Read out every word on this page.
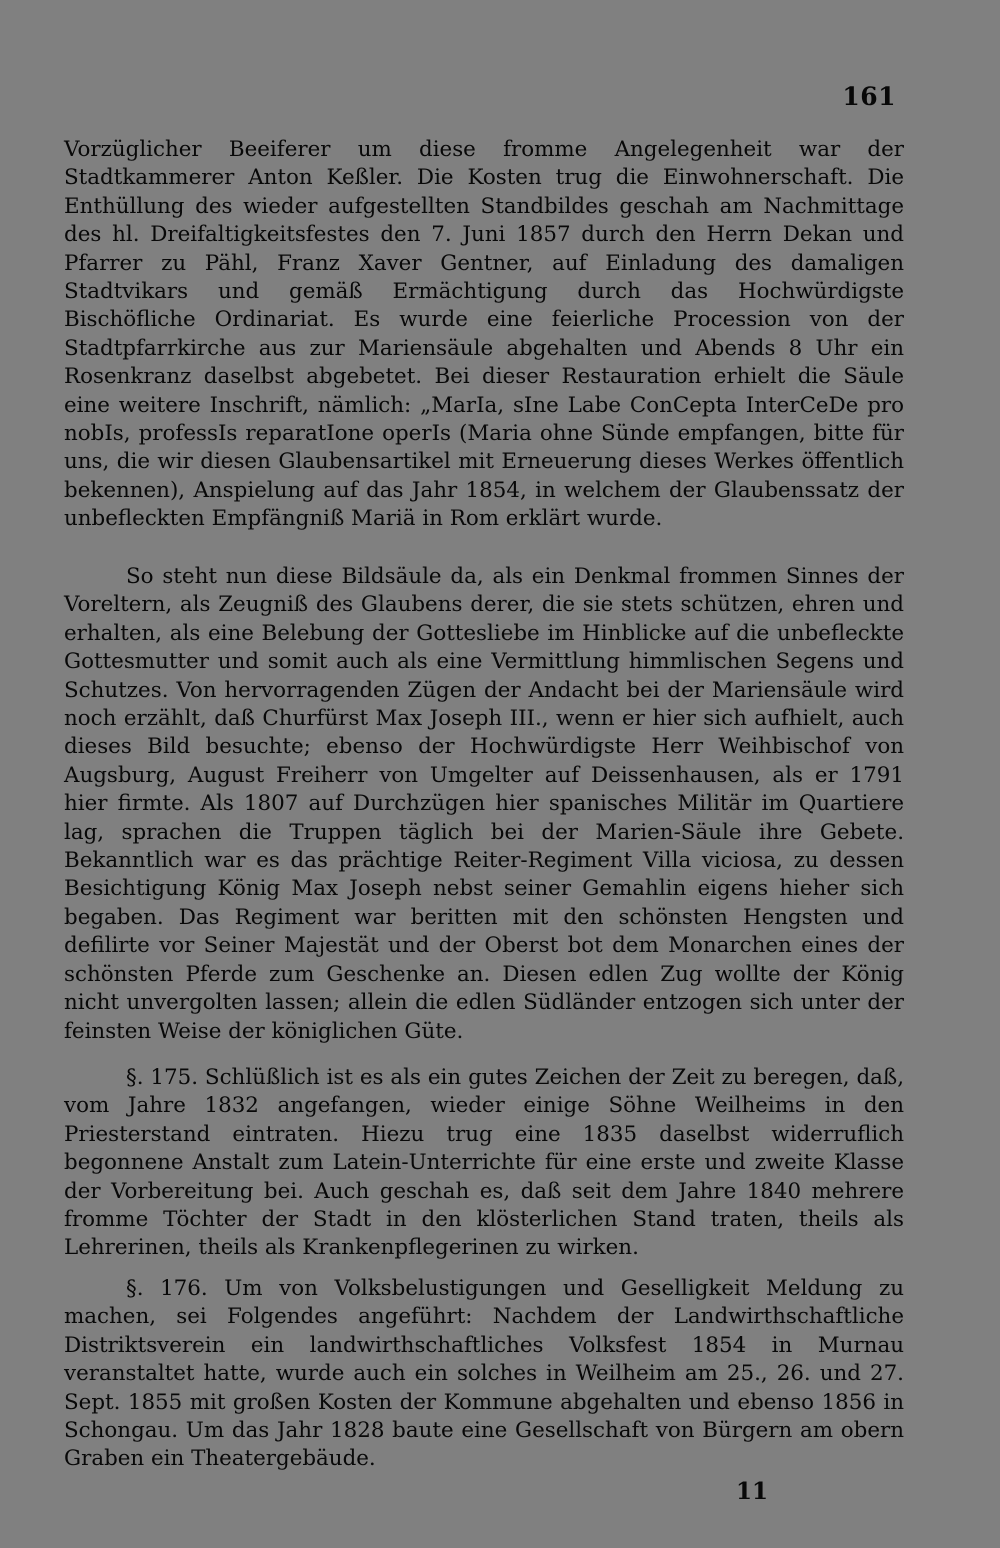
161

Vorzüglicher Beeiferer um diese fromme Angelegenheit war der Stadtkammerer Anton Keßler. Die Kosten trug die Einwohnerschaft. Die Enthüllung des wieder aufgestellten Standbildes geschah am Nachmittage des hl. Dreifaltigkeitsfestes den 7. Juni 1857 durch den Herrn Dekan und Pfarrer zu Pähl, Franz Xaver Gentner, auf Einladung des damaligen Stadtvikars und gemäß Ermächtigung durch das Hochwürdigste Bischöfliche Ordinariat. Es wurde eine feierliche Procession von der Stadtpfarrkirche aus zur Mariensäule abgehalten und Abends 8 Uhr ein Rosenkranz daselbst abgebetet. Bei dieser Restauration erhielt die Säule eine weitere Inschrift, nämlich: „MarIa, sIne Labe ConCepta InterCeDe pro nobIs, professIs reparatIone operIs (Maria ohne Sünde empfangen, bitte für uns, die wir diesen Glaubensartikel mit Erneuerung dieses Werkes öffentlich bekennen), Anspielung auf das Jahr 1854, in welchem der Glaubenssatz der unbefleckten Empfängniß Mariä in Rom erklärt wurde.

So steht nun diese Bildsäule da, als ein Denkmal frommen Sinnes der Voreltern, als Zeugniß des Glaubens derer, die sie stets schützen, ehren und erhalten, als eine Belebung der Gottesliebe im Hinblicke auf die unbefleckte Gottesmutter und somit auch als eine Vermittlung himmlischen Segens und Schutzes. Von hervorragenden Zügen der Andacht bei der Mariensäule wird noch erzählt, daß Churfürst Max Joseph III., wenn er hier sich aufhielt, auch dieses Bild besuchte; ebenso der Hochwürdigste Herr Weihbischof von Augsburg, August Freiherr von Umgelter auf Deissenhausen, als er 1791 hier firmte. Als 1807 auf Durchzügen hier spanisches Militär im Quartiere lag, sprachen die Truppen täglich bei der Marien-Säule ihre Gebete. Bekanntlich war es das prächtige Reiter-Regiment Villa viciosa, zu dessen Besichtigung König Max Joseph nebst seiner Gemahlin eigens hieher sich begaben. Das Regiment war beritten mit den schönsten Hengsten und defilirte vor Seiner Majestät und der Oberst bot dem Monarchen eines der schönsten Pferde zum Geschenke an. Diesen edlen Zug wollte der König nicht unvergolten lassen; allein die edlen Südländer entzogen sich unter der feinsten Weise der königlichen Güte.

§. 175. Schlüßlich ist es als ein gutes Zeichen der Zeit zu beregen, daß, vom Jahre 1832 angefangen, wieder einige Söhne Weilheims in den Priesterstand eintraten. Hiezu trug eine 1835 daselbst widerruflich begonnene Anstalt zum Latein-Unterrichte für eine erste und zweite Klasse der Vorbereitung bei. Auch geschah es, daß seit dem Jahre 1840 mehrere fromme Töchter der Stadt in den klösterlichen Stand traten, theils als Lehrerinen, theils als Krankenpflegerinen zu wirken.

§. 176. Um von Volksbelustigungen und Geselligkeit Meldung zu machen, sei Folgendes angeführt: Nachdem der Landwirthschaftliche Distriktsverein ein landwirthschaftliches Volksfest 1854 in Murnau veranstaltet hatte, wurde auch ein solches in Weilheim am 25., 26. und 27. Sept. 1855 mit großen Kosten der Kommune abgehalten und ebenso 1856 in Schongau. Um das Jahr 1828 baute eine Gesellschaft von Bürgern am obern Graben ein Theatergebäude.

11
